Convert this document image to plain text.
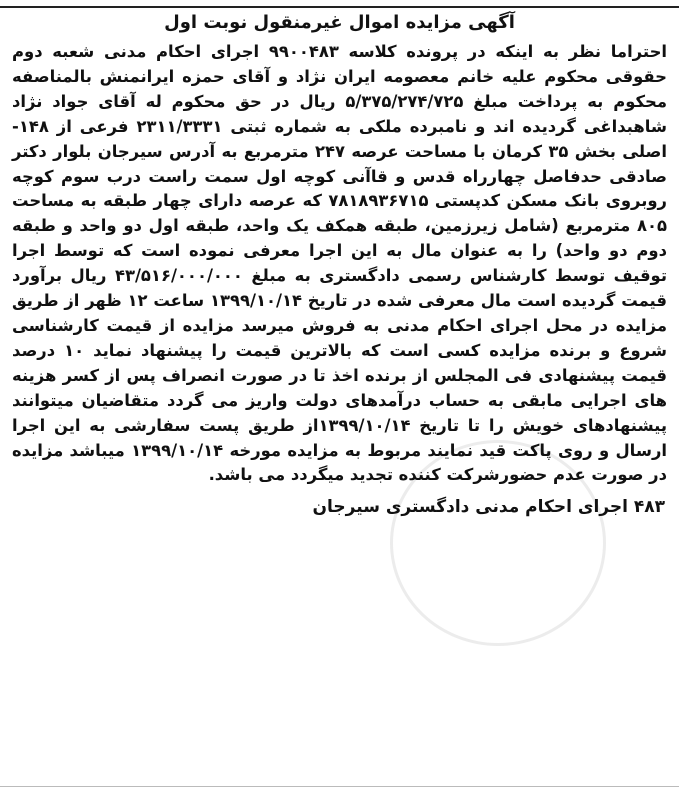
آگهی مزایده اموال غیرمنقول نوبت اول

احتراما نظر به اینکه در پرونده کلاسه ۹۹۰۰۴۸۳ اجرای احکام مدنی شعبه دوم حقوقی محکوم علیه خانم معصومه ایران نژاد و آقای حمزه ایرانمنش بالمناصفه محکوم به پرداخت مبلغ ۵/۳۷۵/۲۷۴/۷۲۵ ریال در حق محکوم له آقای جواد نژاد شاهبداغی گردیده اند و نامبرده ملکی به شماره ثبتی ۲۳۱۱/۳۳۳۱ فرعی از ۱۴۸- اصلی بخش ۳۵ کرمان با مساحت عرصه ۲۴۷ مترمربع به آدرس سیرجان بلوار دکتر صادقی حدفاصل چهارراه قدس و قاآنی کوچه اول سمت راست درب سوم کوچه روبروی بانک مسکن کدپستی ۷۸۱۸۹۳۶۷۱۵ که عرصه دارای چهار طبقه به مساحت ۸۰۵ مترمربع (شامل زیرزمین، طبقه همکف یک واحد، طبقه اول دو واحد و طبقه دوم دو واحد) را به عنوان مال به این اجرا معرفی نموده است که توسط اجرا توقیف توسط کارشناس رسمی دادگستری به مبلغ ۴۳/۵۱۶/۰۰۰/۰۰۰ ریال برآورد قیمت گردیده است مال معرفی شده در تاریخ ۱۳۹۹/۱۰/۱۴ ساعت ۱۲ ظهر از طریق مزایده در محل اجرای احکام مدنی به فروش میرسد مزایده از قیمت کارشناسی شروع و برنده مزایده کسی است که بالاترین قیمت را پیشنهاد نماید ۱۰ درصد قیمت پیشنهادی فی المجلس از برنده اخذ تا در صورت انصراف پس از کسر هزینه های اجرایی مابقی به حساب درآمدهای دولت واریز می گردد متقاضیان میتوانند پیشنهادهای خویش را تا تاریخ ۱۳۹۹/۱۰/۱۴از طریق پست سفارشی به این اجرا ارسال و روی پاکت قید نمایند مربوط به مزایده مورخه ۱۳۹۹/۱۰/۱۴ میباشد مزایده در صورت عدم حضورشرکت کننده تجدید میگردد می باشد.

۴۸۳ اجرای احکام مدنی دادگستری سیرجان
